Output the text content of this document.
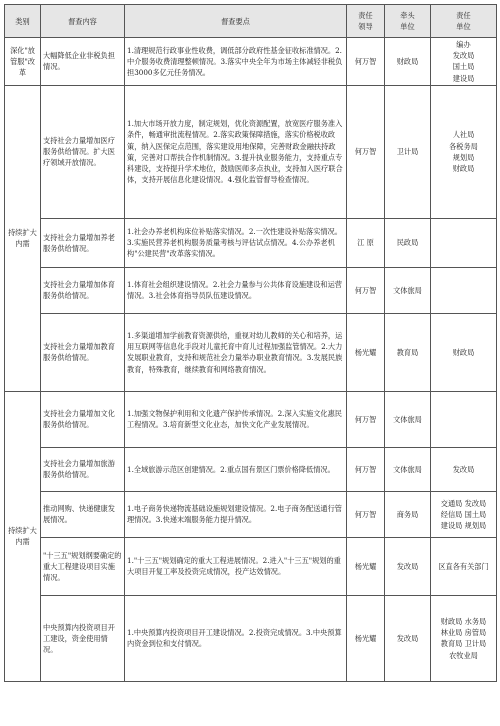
类别	督查内容	督查要点	责任
领导	牵头
单位	责任
单位
深化"放管服"改革	大幅降低企业非税负担情况。	1.清理规范行政事业性收费，调低部分政府性基金征收标准情况。2.中介服务收费清理整顿情况。3.落实中央全年为市场主体减轻非税负担3000多亿元任务情况。	何万智	财政局	编办
发改局
国土局
建设局
持续扩大内需	支持社会力量增加医疗服务供给情况。扩大医疗领域开放情况。	1.加大市场开放力度，制定规划，优化资源配置，放宽医疗服务准入条件，畅通审批流程情况。2.落实政策保障措施，落实价格税收政策，纳入医保定点范围，落实建设用地保障，完善财政金融扶持政策，完善对口帮扶合作机制情况。3.提升执业服务能力，支持重点专科建设，支持提升学术地位，鼓励医师多点执业，支持加入医疗联合体，支持开展信息化建设情况。4.强化监管督导检查情况。	何万智	卫计局	人社局
各税务局
规划局
财政局
	支持社会力量增加养老服务供给情况。	1.社会办养老机构床位补贴落实情况。2.一次性建设补贴落实情况。3.实施民营养老机构服务质量考核与评估试点情况。4.公办养老机构"公建民营"改革落实情况。	江 原	民政局	
	支持社会力量增加体育服务供给情况。	1.体育社会组织建设情况。2.社会力量参与公共体育设施建设和运营情况。3.社会体育指导员队伍建设情况。	何万智	文体旅局	
	支持社会力量增加教育服务供给情况。	1.多渠道增加学前教育资源供给，重视对幼儿教师的关心和培养，运用互联网等信息化手段对儿童托育中育儿过程加强监管情况。2.大力发展职业教育，支持和规范社会力量举办职业教育情况。3.发展民族教育，特殊教育，继续教育和网络教育情况。	杨光耀	教育局	财政局
持续扩大内需	支持社会力量增加文化服务供给情况。	1.加强文物保护利用和文化遗产保护传承情况。2.深入实施文化惠民工程情况。3.培育新型文化业态，加快文化产业发展情况。	何万智	文体旅局	
	支持社会力量增加旅游服务供给情况。	1.全域旅游示范区创建情况。2.重点国有景区门票价格降低情况。	何万智	文体旅局	发改局
	推动网购、快递健康发展情况。	1.电子商务快递物流基础设施规划建设情况。2.电子商务配送通行管理情况。3.快递末端服务能力提升情况。	何万智	商务局	交通局 发改局
经信局 国土局
建设局 规划局
	"十三五"规划纲要确定的重大工程建设项目实施情况。	1."十三五"规划确定的重大工程进展情况。2.进入"十三五"规划的重大项目开复工率及投资完成情况，投产达效情况。	杨光耀	发改局	区直各有关部门
	中央预算内投资项目开工建设，资金使用情况。	1.中央预算内投资项目开工建设情况。2.投资完成情况。3.中央预算内资金到位和支付情况。	杨光耀	发改局	财政局 水务局
林业局 房管局
教育局 卫计局
农牧业局
